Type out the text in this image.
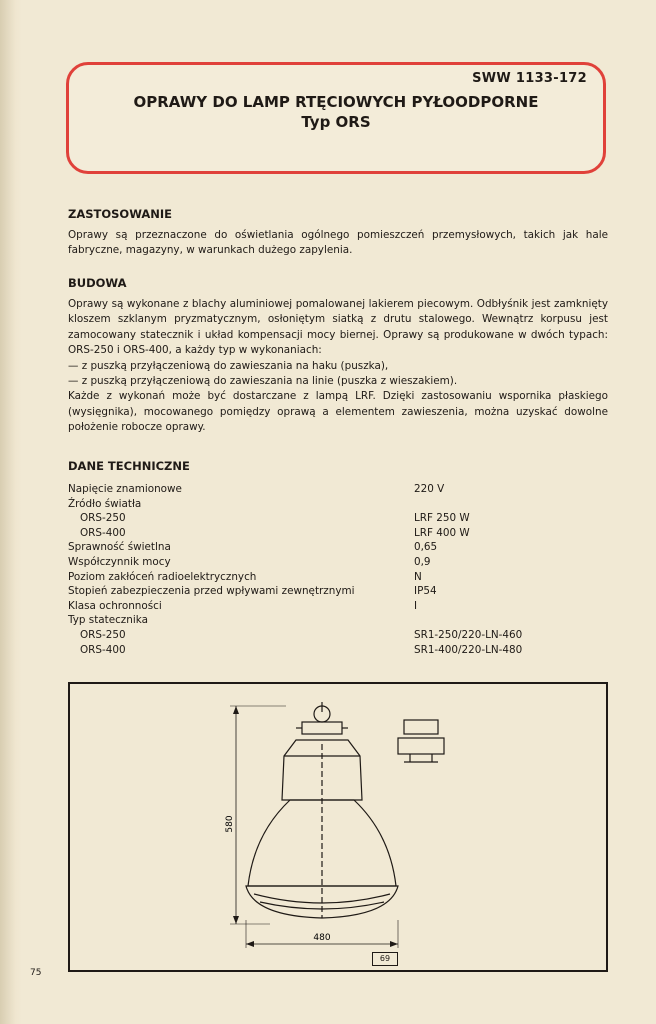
SWW 1133-172
OPRAWY DO LAMP RTĘCIOWYCH PYŁOODPORNE
Typ ORS
ZASTOSOWANIE

Oprawy są przeznaczone do oświetlania ogólnego pomieszczeń przemysłowych, takich jak hale fabryczne, magazyny, w warunkach dużego zapylenia.

BUDOWA

Oprawy są wykonane z blachy aluminiowej pomalowanej lakierem piecowym. Odbłyśnik jest zamknięty kloszem szklanym pryzmatycznym, osłoniętym siatką z drutu stalowego. Wewnątrz korpusu jest zamocowany statecznik i układ kompensacji mocy biernej. Oprawy są produkowane w dwóch typach: ORS-250 i ORS-400, a każdy typ w wykonaniach:

— z puszką przyłączeniową do zawieszania na haku (puszka),

— z puszką przyłączeniową do zawieszania na linie (puszka z wieszakiem).

Każde z wykonań może być dostarczane z lampą LRF. Dzięki zastosowaniu wspornika płaskiego (wysięgnika), mocowanego pomiędzy oprawą a elementem zawieszenia, można uzyskać dowolne położenie robocze oprawy.

DANE TECHNICZNE
Napięcie znamionowe	220 V
Źródło światła
ORS-250	LRF 250 W
ORS-400	LRF 400 W
Sprawność świetlna	0,65
Współczynnik mocy	0,9
Poziom zakłóceń radioelektrycznych	N
Stopień zabezpieczenia przed wpływami zewnętrznymi	IP54
Klasa ochronności	I
Typ statecznika
ORS-250	SR1-250/220-LN-460
ORS-400	SR1-400/220-LN-480
580
480
69
75
